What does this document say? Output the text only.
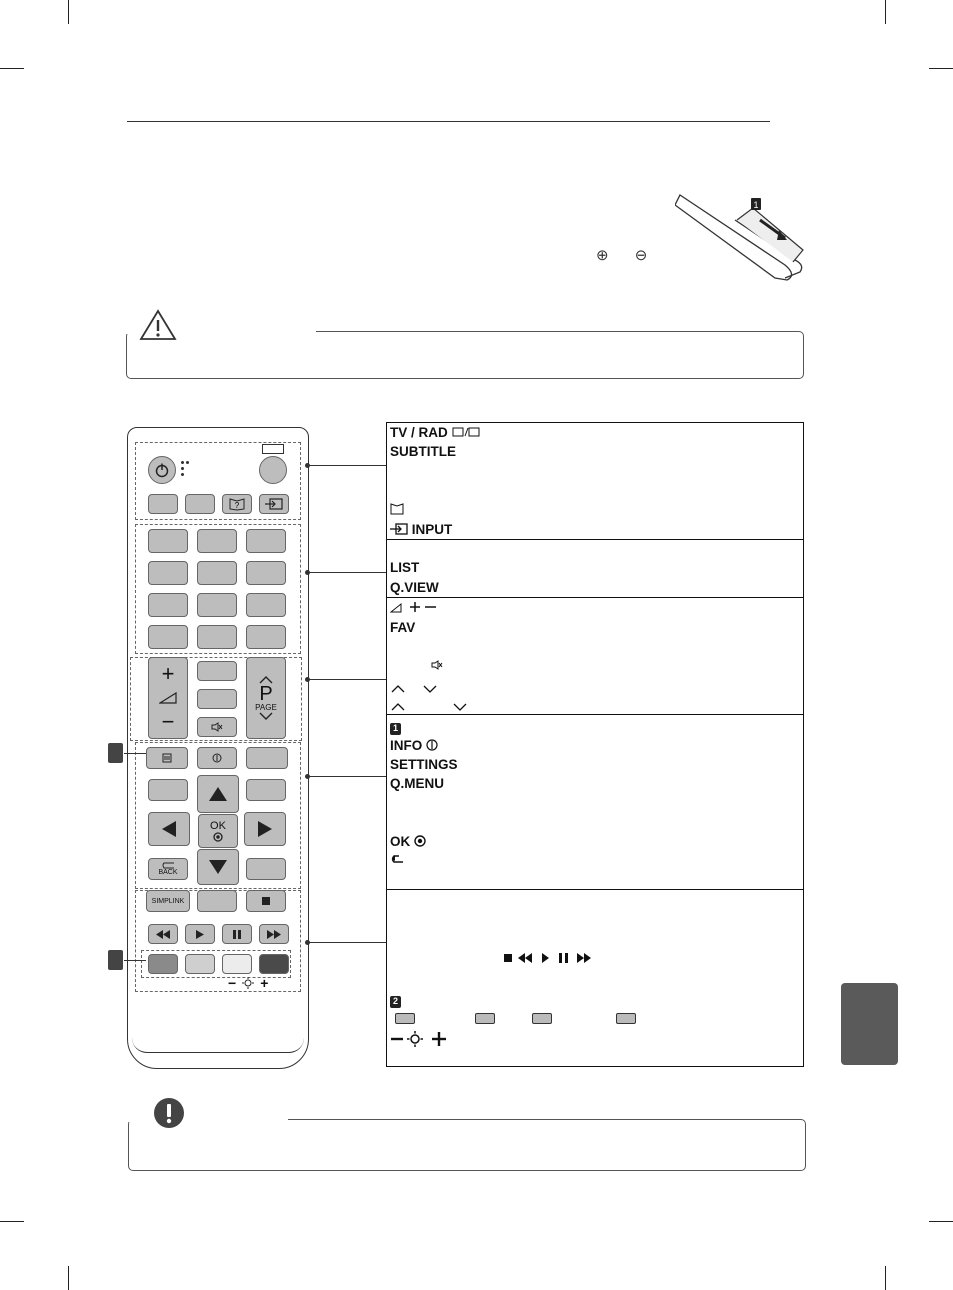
⊕ ⊖
1
?
+
−
P
PAGE
OK
BACK
SIMPLINK
− +
TV / RAD
SUBTITLE
INPUT
LIST
Q.VIEW
FAV
1
INFO
SETTINGS
Q.MENU
OK
2
